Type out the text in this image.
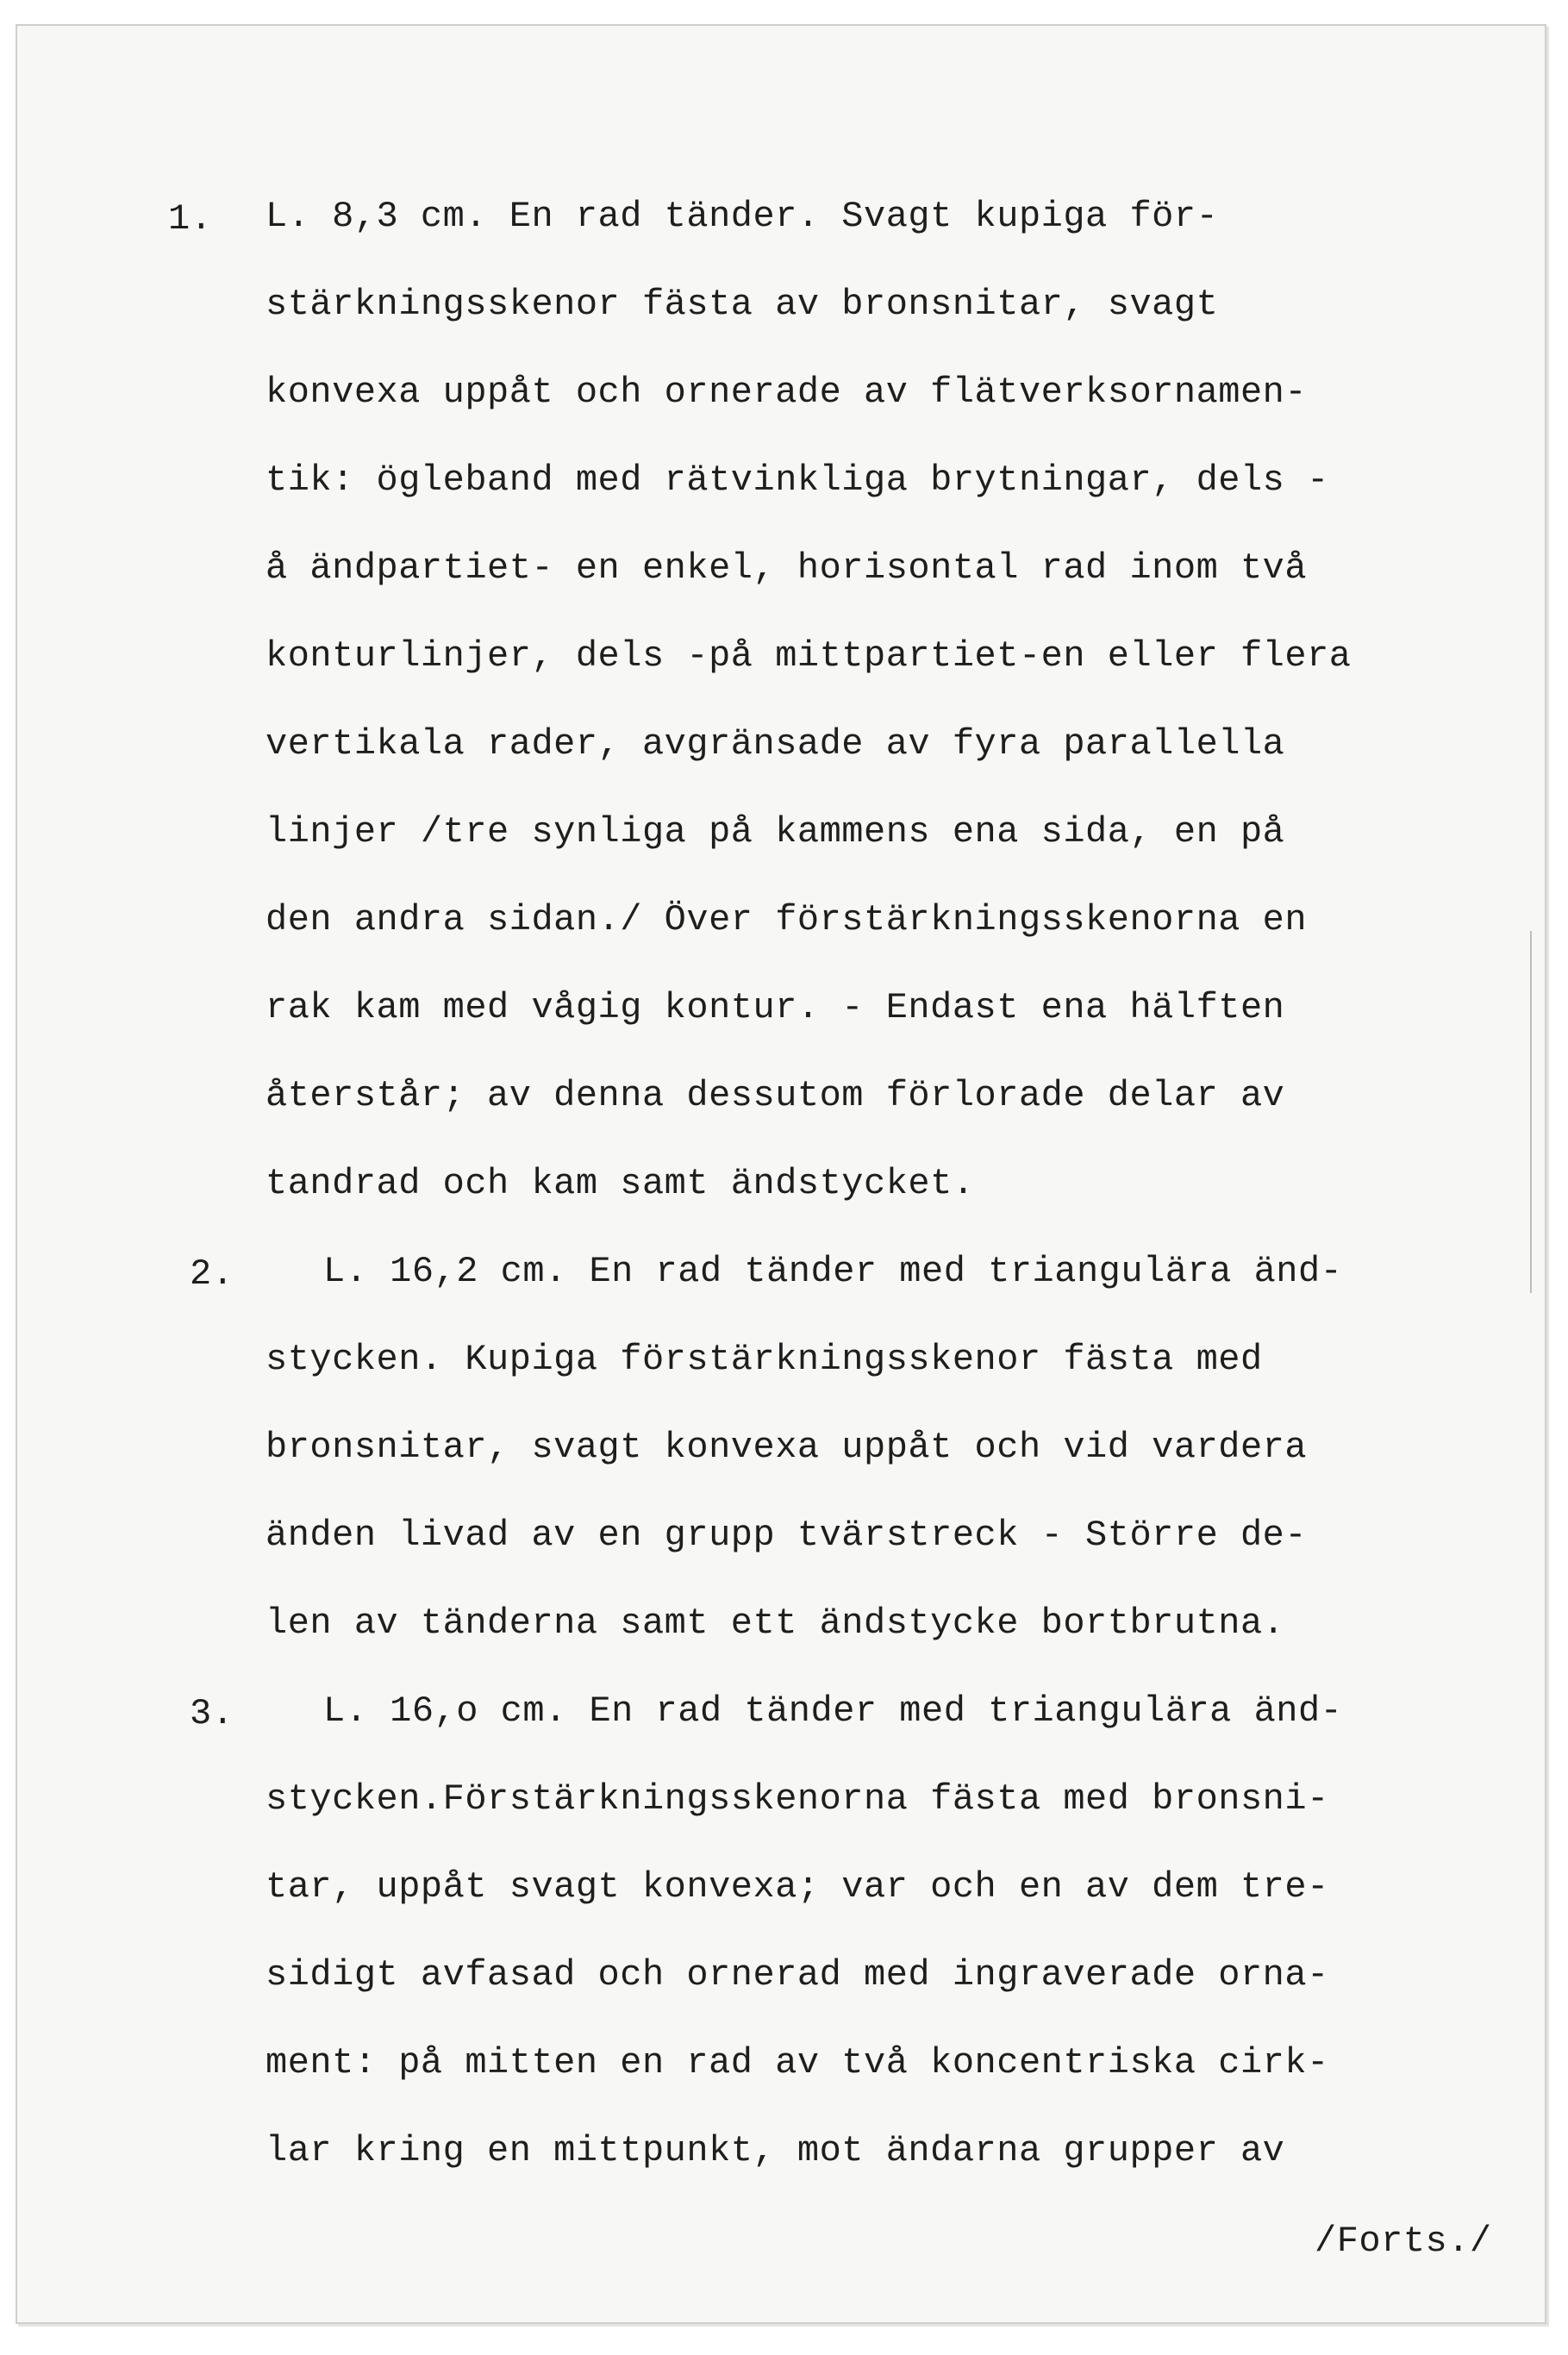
1. L. 8,3 cm. En rad tänder. Svagt kupiga för-
stärkningsskenor fästa av bronsnitar, svagt
konvexa uppåt och ornerade av flätverksornamen-
tik: ögleband med rätvinkliga brytningar, dels -
å ändpartiet- en enkel, horisontal rad inom två
konturlinjer, dels -på mittpartiet-en eller flera
vertikala rader, avgränsade av fyra parallella
linjer /tre synliga på kammens ena sida, en på
den andra sidan./ Över förstärkningsskenorna en
rak kam med vågig kontur. - Endast ena hälften
återstår; av denna dessutom förlorade delar av
tandrad och kam samt ändstycket.
2. L. 16,2 cm. En rad tänder med triangulära änd-
stycken. Kupiga förstärkningsskenor fästa med
bronsnitar, svagt konvexa uppåt och vid vardera
änden livad av en grupp tvärstreck - Större de-
len av tänderna samt ett ändstycke bortbrutna.
3. L. 16,o cm. En rad tänder med triangulära änd-
stycken.Förstärkningsskenorna fästa med bronsni-
tar, uppåt svagt konvexa; var och en av dem tre-
sidigt avfasad och ornerad med ingraverade orna-
ment: på mitten en rad av två koncentriska cirk-
lar kring en mittpunkt, mot ändarna grupper av
/Forts./
